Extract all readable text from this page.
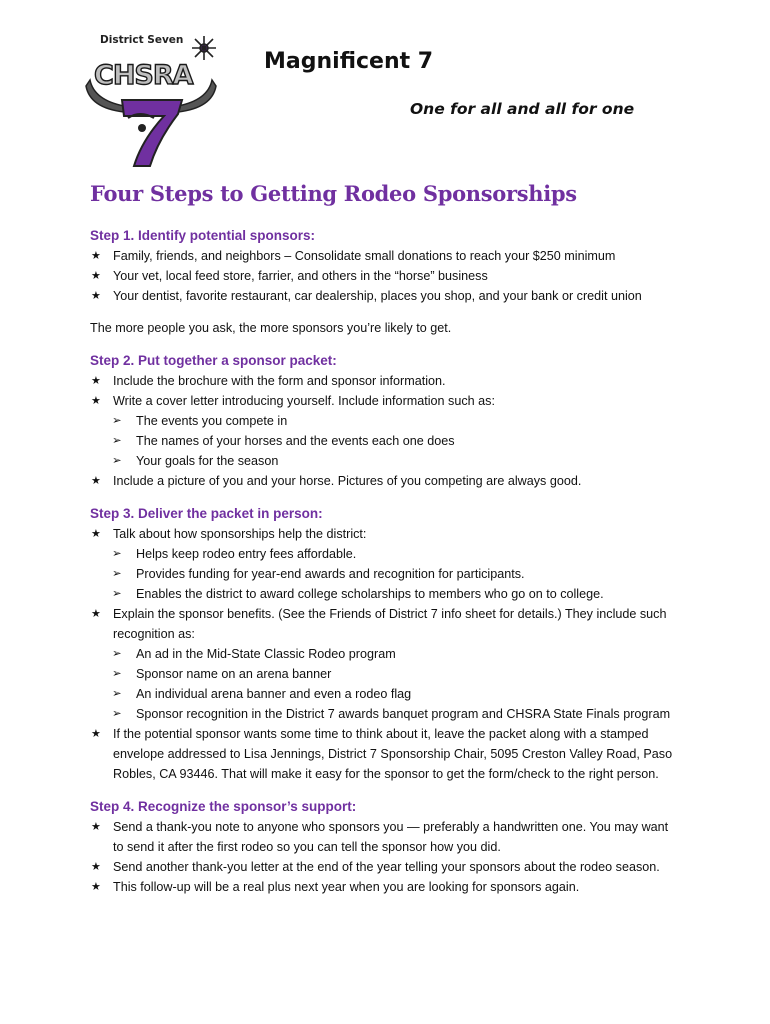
District Seven
CHSRA	Magnificent 7
One for all and all for one
Four Steps to Getting Rodeo Sponsorships
Step 1. Identify potential sponsors:
★ Family, friends, and neighbors – Consolidate small donations to reach your $250 minimum
★ Your vet, local feed store, farrier, and others in the “horse” business
★ Your dentist, favorite restaurant, car dealership, places you shop, and your bank or credit union
The more people you ask, the more sponsors you’re likely to get.
Step 2. Put together a sponsor packet:
★ Include the brochure with the form and sponsor information.
★ Write a cover letter introducing yourself. Include information such as:
➢ The events you compete in
➢ The names of your horses and the events each one does
➢ Your goals for the season
★ Include a picture of you and your horse. Pictures of you competing are always good.
Step 3. Deliver the packet in person:
★ Talk about how sponsorships help the district:
➢ Helps keep rodeo entry fees affordable.
➢ Provides funding for year-end awards and recognition for participants.
➢ Enables the district to award college scholarships to members who go on to college.
★ Explain the sponsor benefits. (See the Friends of District 7 info sheet for details.) They include such
recognition as:
➢ An ad in the Mid-State Classic Rodeo program
➢ Sponsor name on an arena banner
➢ An individual arena banner and even a rodeo flag
➢ Sponsor recognition in the District 7 awards banquet program and CHSRA State Finals program
★ If the potential sponsor wants some time to think about it, leave the packet along with a stamped
envelope addressed to Lisa Jennings, District 7 Sponsorship Chair, 5095 Creston Valley Road, Paso
Robles, CA 93446. That will make it easy for the sponsor to get the form/check to the right person.
Step 4. Recognize the sponsor’s support:
★ Send a thank-you note to anyone who sponsors you — preferably a handwritten one. You may want
to send it after the first rodeo so you can tell the sponsor how you did.
★ Send another thank-you letter at the end of the year telling your sponsors about the rodeo season.
★ This follow-up will be a real plus next year when you are looking for sponsors again.
